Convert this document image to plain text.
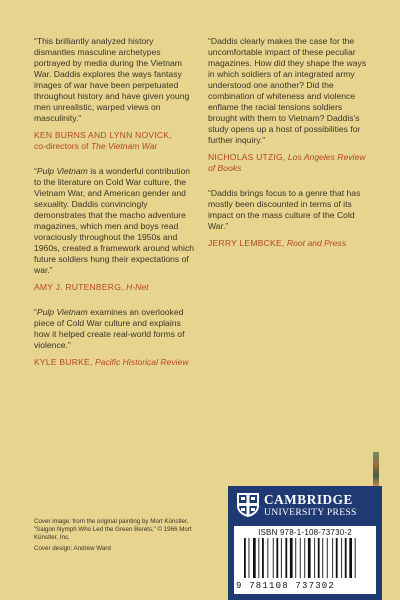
“This brilliantly analyzed history dismantles masculine archetypes portrayed by media during the Vietnam War. Daddis explores the ways fantasy images of war have been perpetuated throughout history and have given young men unrealistic, warped views on masculinity.”

KEN BURNS AND LYNN NOVICK,
co-directors of The Vietnam War

“Pulp Vietnam is a wonderful contribution to the literature on Cold War culture, the Vietnam War, and American gender and sexuality. Daddis convincingly demonstrates that the macho adventure magazines, which men and boys read voraciously throughout the 1950s and 1960s, created a framework around which future soldiers hung their expectations of war.”

AMY J. RUTENBERG, H-Net

“Pulp Vietnam examines an overlooked piece of Cold War culture and explains how it helped create real-world forms of violence.”

KYLE BURKE, Pacific Historical Review

“Daddis clearly makes the case for the uncomfortable impact of these peculiar magazines. How did they shape the ways in which soldiers of an integrated army understood one another? Did the combination of whiteness and violence enflame the racial tensions soldiers brought with them to Vietnam? Daddis’s study opens up a host of possibilities for further inquiry.”

NICHOLAS UTZIG, Los Angeles Review of Books

“Daddis brings focus to a genre that has mostly been discounted in terms of its impact on the mass culture of the Cold War.”

JERRY LEMBCKE, Root and Press

Cover image: from the original painting by Mort Künstler, “Saigon Nymph Who Led the Green Berets,” © 1966 Mort Künstler, Inc.
Cover design: Andrew Ward
CAMBRIDGE
UNIVERSITY PRESS
ISBN 978-1-108-73730-2
9 781108 737302
